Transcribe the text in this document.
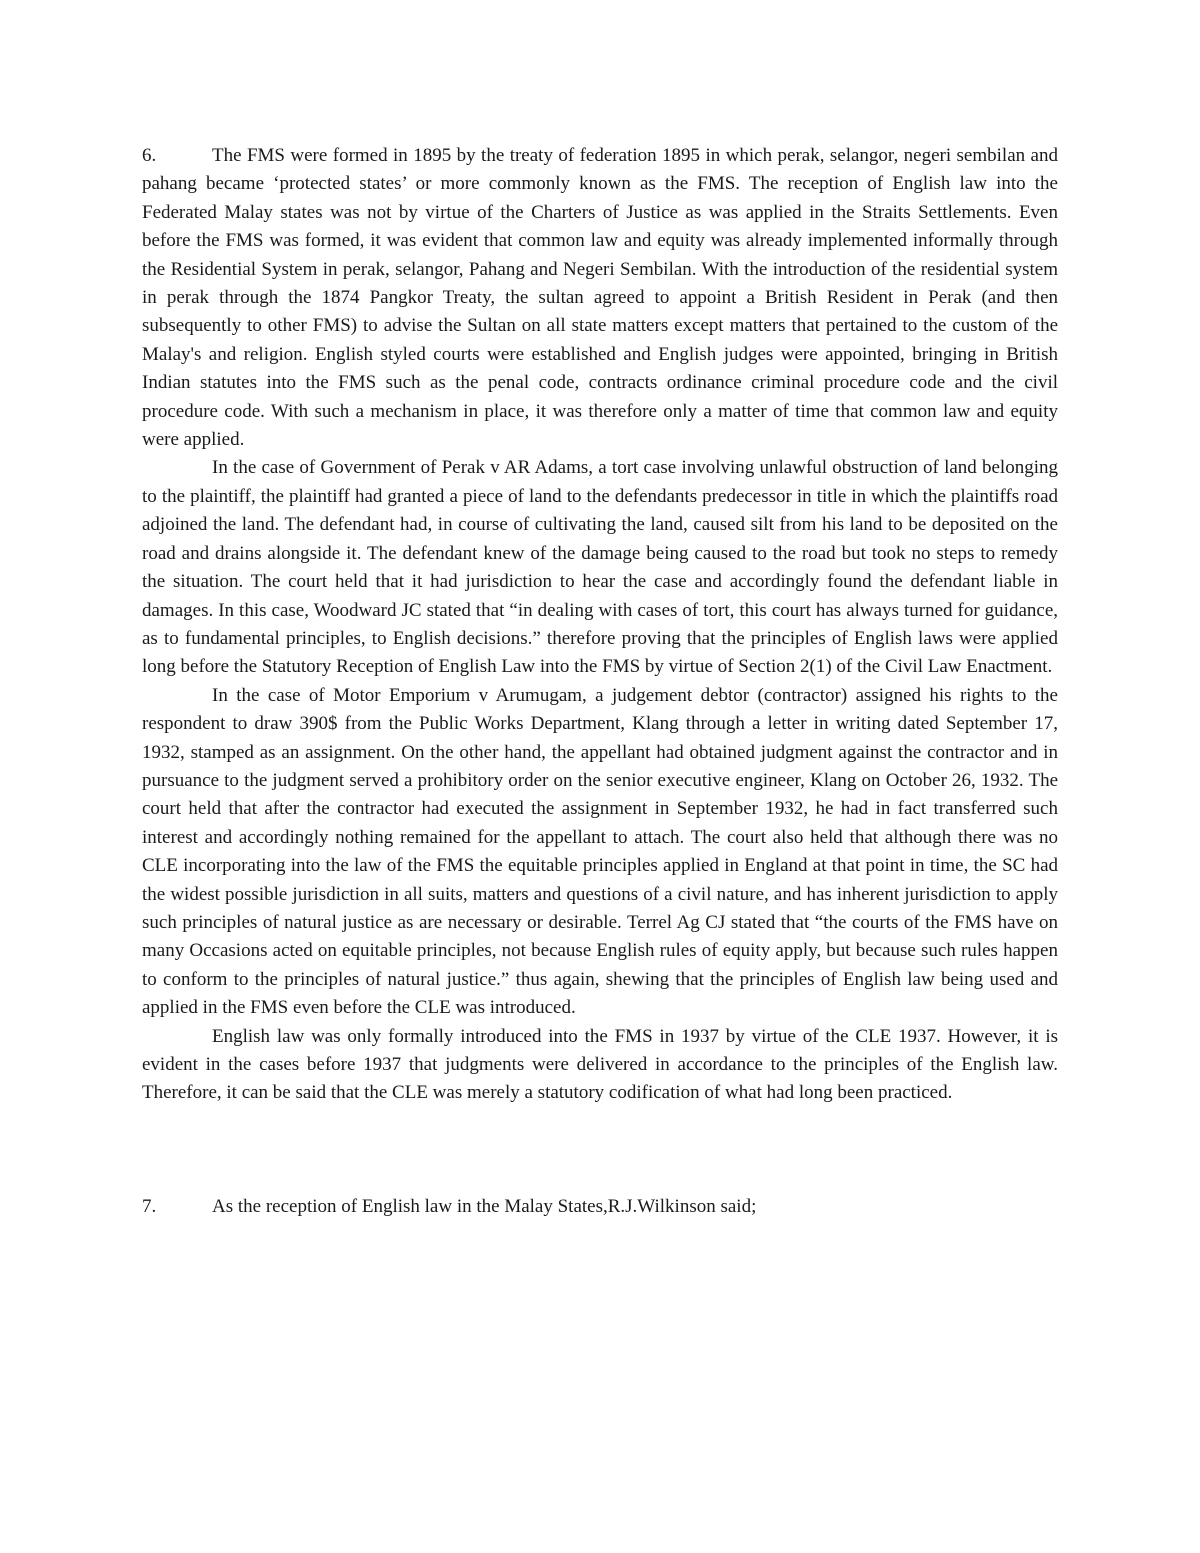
6.	The FMS were formed in 1895 by the treaty of federation 1895 in which perak, selangor, negeri sembilan and pahang became ‘protected states’ or more commonly known as the FMS. The reception of English law into the Federated Malay states was not by virtue of the Charters of Justice as was applied in the Straits Settlements. Even before the FMS was formed, it was evident that common law and equity was already implemented informally through the Residential System in perak, selangor, Pahang and Negeri Sembilan. With the introduction of the residential system in perak through the 1874 Pangkor Treaty, the sultan agreed to appoint a British Resident in Perak (and then subsequently to other FMS) to advise the Sultan on all state matters except matters that pertained to the custom of the Malay's and religion. English styled courts were established and English judges were appointed, bringing in British Indian statutes into the FMS such as the penal code, contracts ordinance criminal procedure code and the civil procedure code. With such a mechanism in place, it was therefore only a matter of time that common law and equity were applied.

In the case of Government of Perak v AR Adams, a tort case involving unlawful obstruction of land belonging to the plaintiff, the plaintiff had granted a piece of land to the defendants predecessor in title in which the plaintiffs road adjoined the land. The defendant had, in course of cultivating the land, caused silt from his land to be deposited on the road and drains alongside it. The defendant knew of the damage being caused to the road but took no steps to remedy the situation. The court held that it had jurisdiction to hear the case and accordingly found the defendant liable in damages. In this case, Woodward JC stated that “in dealing with cases of tort, this court has always turned for guidance, as to fundamental principles, to English decisions.” therefore proving that the principles of English laws were applied long before the Statutory Reception of English Law into the FMS by virtue of Section 2(1) of the Civil Law Enactment.

In the case of Motor Emporium v Arumugam, a judgement debtor (contractor) assigned his rights to the respondent to draw 390$ from the Public Works Department, Klang through a letter in writing dated September 17, 1932, stamped as an assignment. On the other hand, the appellant had obtained judgment against the contractor and in pursuance to the judgment served a prohibitory order on the senior executive engineer, Klang on October 26, 1932. The court held that after the contractor had executed the assignment in September 1932, he had in fact transferred such interest and accordingly nothing remained for the appellant to attach. The court also held that although there was no CLE incorporating into the law of the FMS the equitable principles applied in England at that point in time, the SC had the widest possible jurisdiction in all suits, matters and questions of a civil nature, and has inherent jurisdiction to apply such principles of natural justice as are necessary or desirable. Terrel Ag CJ stated that “the courts of the FMS have on many Occasions acted on equitable principles, not because English rules of equity apply, but because such rules happen to conform to the principles of natural justice.” thus again, shewing that the principles of English law being used and applied in the FMS even before the CLE was introduced.

English law was only formally introduced into the FMS in 1937 by virtue of the CLE 1937. However, it is evident in the cases before 1937 that judgments were delivered in accordance to the principles of the English law. Therefore, it can be said that the CLE was merely a statutory codification of what had long been practiced.

7.	As the reception of English law in the Malay States,R.J.Wilkinson said;
